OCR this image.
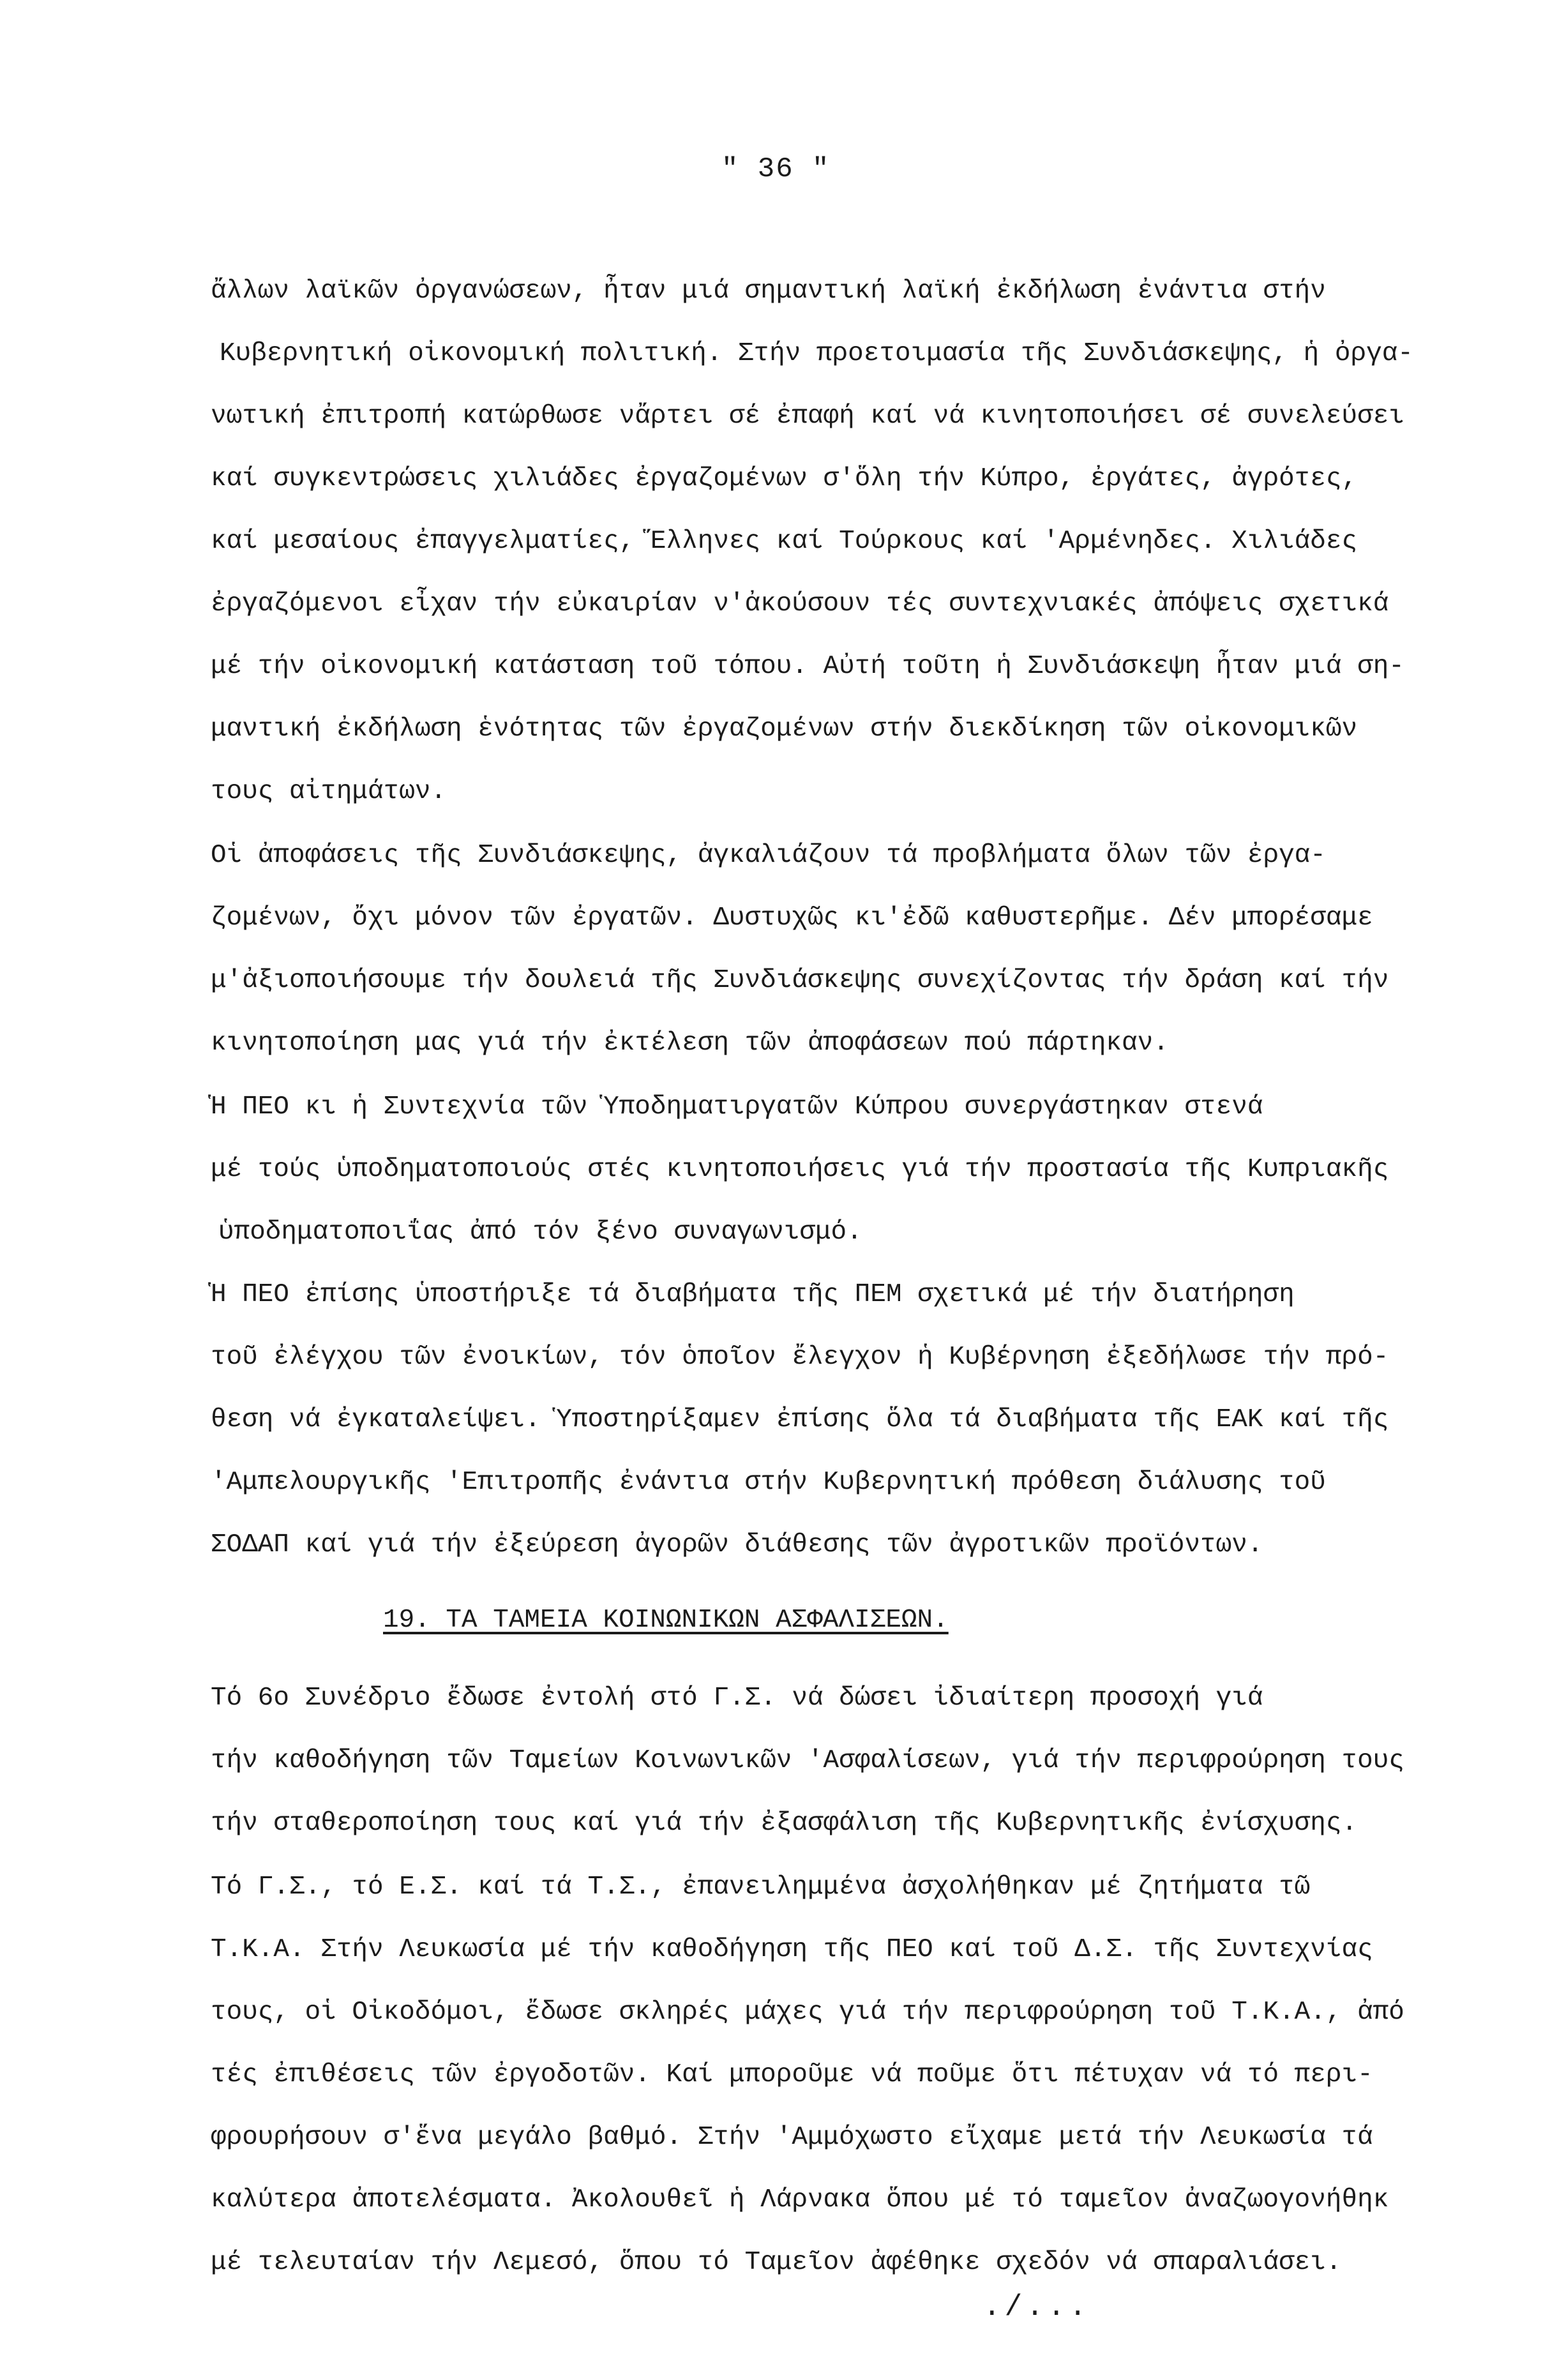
" 36 "
ἄλλων λαϊκῶν ὀργανώσεων, ἦταν μιά σημαντική λαϊκή ἐκδήλωση ἐνάντια στήν
Κυβερνητική οἰκονομική πολιτική. Στήν προετοιμασία τῆς Συνδιάσκεψης, ἡ ὀργα-
νωτική ἐπιτροπή κατώρθωσε νἄρτει σέ ἐπαφή καί νά κινητοποιήσει σέ συνελεύσει
καί συγκεντρώσεις χιλιάδες ἐργαζομένων σ'ὅλη τήν Κύπρο, ἐργάτες, ἀγρότες,
καί μεσαίους ἐπαγγελματίες, Ἕλληνες καί Τούρκους καί 'Αρμένηδες. Χιλιάδες
ἐργαζόμενοι εἶχαν τήν εὐκαιρίαν ν'ἀκούσουν τές συντεχνιακές ἀπόψεις σχετικά
μέ τήν οἰκονομική κατάσταση τοῦ τόπου. Αὐτή τοῦτη ἡ Συνδιάσκεψη ἦταν μιά ση-
μαντική ἐκδήλωση ἑνότητας τῶν ἐργαζομένων στήν διεκδίκηση τῶν οἰκονομικῶν
τους αἰτημάτων.
Οἱ ἀποφάσεις τῆς Συνδιάσκεψης, ἀγκαλιάζουν τά προβλήματα ὅλων τῶν ἐργα-
ζομένων, ὄχι μόνον τῶν ἐργατῶν. Δυστυχῶς κι'ἐδῶ καθυστερῆμε. Δέν μπορέσαμε
μ'ἀξιοποιήσουμε τήν δουλειά τῆς Συνδιάσκεψης συνεχίζοντας τήν δράση καί τήν
κινητοποίηση μας γιά τήν ἐκτέλεση τῶν ἀποφάσεων πού πάρτηκαν.
Ἡ ΠΕΟ κι ἡ Συντεχνία τῶν Ὑποδηματιργατῶν Κύπρου συνεργάστηκαν στενά
μέ τούς ὑποδηματοποιούς στές κινητοποιήσεις γιά τήν προστασία τῆς Κυπριακῆς
ὑποδηματοποιΐας ἀπό τόν ξένο συναγωνισμό.
Ἡ ΠΕΟ ἐπίσης ὑποστήριξε τά διαβήματα τῆς ΠΕΜ σχετικά μέ τήν διατήρηση
τοῦ ἐλέγχου τῶν ἐνοικίων, τόν ὁποῖον ἔλεγχον ἡ Κυβέρνηση ἐξεδήλωσε τήν πρό-
θεση νά ἐγκαταλείψει. Ὑποστηρίξαμεν ἐπίσης ὅλα τά διαβήματα τῆς ΕΑΚ καί τῆς
'Αμπελουργικῆς 'Επιτροπῆς ἐνάντια στήν Κυβερνητική πρόθεση διάλυσης τοῦ
ΣΟΔΑΠ καί γιά τήν ἐξεύρεση ἀγορῶν διάθεσης τῶν ἀγροτικῶν προϊόντων.
19. ΤΑ ΤΑΜΕΙΑ ΚΟΙΝΩΝΙΚΩΝ ΑΣΦΑΛΙΣΕΩΝ.
Τό 6ο Συνέδριο ἔδωσε ἐντολή στό Γ.Σ. νά δώσει ἰδιαίτερη προσοχή γιά
τήν καθοδήγηση τῶν Ταμείων Κοινωνικῶν 'Ασφαλίσεων, γιά τήν περιφρούρηση τους
τήν σταθεροποίηση τους καί γιά τήν ἐξασφάλιση τῆς Κυβερνητικῆς ἐνίσχυσης.
Τό Γ.Σ., τό Ε.Σ. καί τά Τ.Σ., ἐπανειλημμένα ἀσχολήθηκαν μέ ζητήματα τῶ
Τ.Κ.Α. Στήν Λευκωσία μέ τήν καθοδήγηση τῆς ΠΕΟ καί τοῦ Δ.Σ. τῆς Συντεχνίας
τους, οἱ Οἰκοδόμοι, ἔδωσε σκληρές μάχες γιά τήν περιφρούρηση τοῦ Τ.Κ.Α., ἀπό
τές ἐπιθέσεις τῶν ἐργοδοτῶν. Καί μποροῦμε νά ποῦμε ὅτι πέτυχαν νά τό περι-
φρουρήσουν σ'ἕνα μεγάλο βαθμό. Στήν 'Αμμόχωστο εἴχαμε μετά τήν Λευκωσία τά
καλύτερα ἀποτελέσματα. Ἀκολουθεῖ ἡ Λάρνακα ὅπου μέ τό ταμεῖον ἀναζωογονήθηκ
μέ τελευταίαν τήν Λεμεσό, ὅπου τό Ταμεῖον ἀφέθηκε σχεδόν νά σπαραλιάσει.
./...
